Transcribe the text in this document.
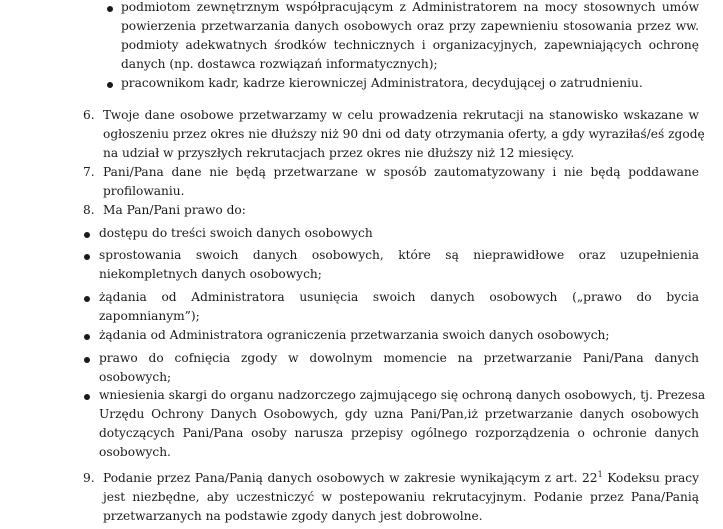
podmiotom zewnętrznym współpracującym z Administratorem na mocy stosownych umów
powierzenia przetwarzania danych osobowych oraz przy zapewnieniu stosowania przez ww.
podmioty adekwatnych środków technicznych i organizacyjnych, zapewniających ochronę
danych (np. dostawca rozwiązań informatycznych);
pracownikom kadr, kadrze kierowniczej Administratora, decydującej o zatrudnieniu.
6. Twoje dane osobowe przetwarzamy w celu prowadzenia rekrutacji na stanowisko wskazane w
ogłoszeniu przez okres nie dłuższy niż 90 dni od daty otrzymania oferty, a gdy wyraziłaś/eś zgodę
na udział w przyszłych rekrutacjach przez okres nie dłuższy niż 12 miesięcy.
7. Pani/Pana dane nie będą przetwarzane w sposób zautomatyzowany i nie będą poddawane
profilowaniu.
8. Ma Pan/Pani prawo do:
dostępu do treści swoich danych osobowych
sprostowania swoich danych osobowych, które są nieprawidłowe oraz uzupełnienia
niekompletnych danych osobowych;
żądania od Administratora usunięcia swoich danych osobowych („prawo do bycia
zapomnianym”);
żądania od Administratora ograniczenia przetwarzania swoich danych osobowych;
prawo do cofnięcia zgody w dowolnym momencie na przetwarzanie Pani/Pana danych
osobowych;
wniesienia skargi do organu nadzorczego zajmującego się ochroną danych osobowych, tj. Prezesa
Urzędu Ochrony Danych Osobowych, gdy uzna Pani/Pan,iż przetwarzanie danych osobowych
dotyczących Pani/Pana osoby narusza przepisy ogólnego rozporządzenia o ochronie danych
osobowych.
9. Podanie przez Pana/Panią danych osobowych w zakresie wynikającym z art. $22^1$ Kodeksu pracy
jest niezbędne, aby uczestniczyć w postepowaniu rekrutacyjnym. Podanie przez Pana/Panią
przetwarzanych na podstawie zgody danych jest dobrowolne.
